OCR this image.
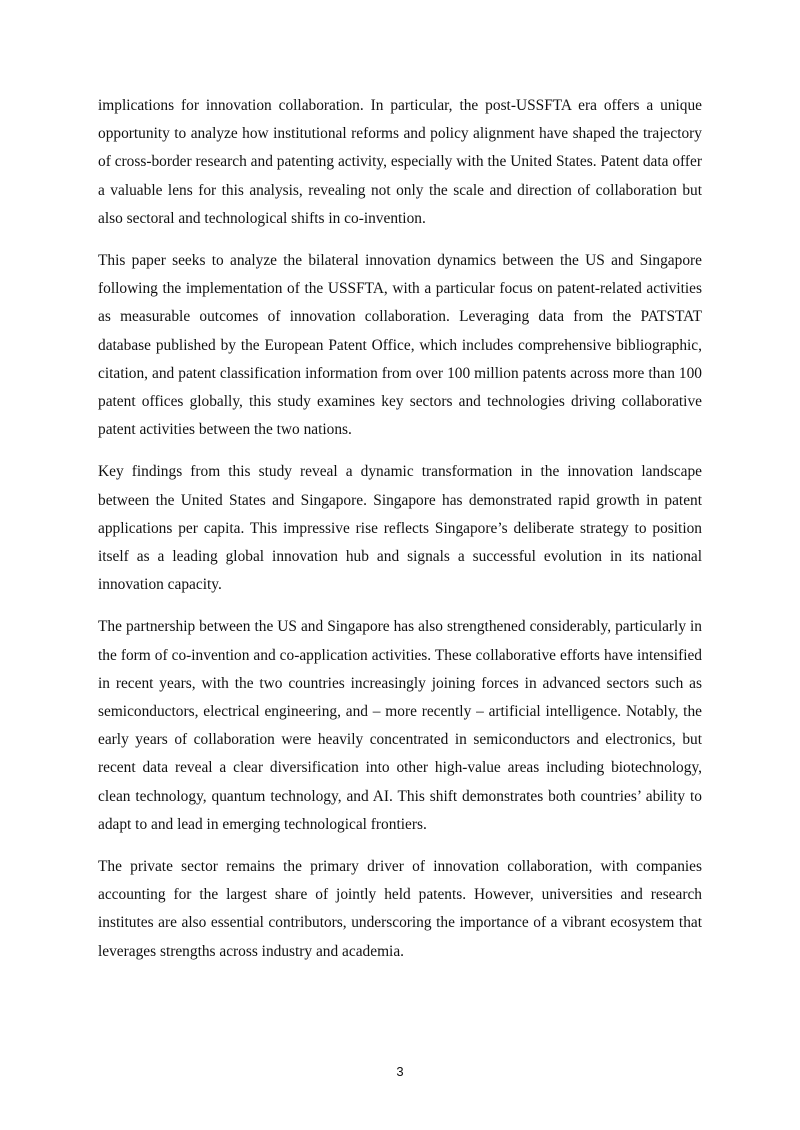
implications for innovation collaboration. In particular, the post-USSFTA era offers a unique opportunity to analyze how institutional reforms and policy alignment have shaped the trajectory of cross-border research and patenting activity, especially with the United States. Patent data offer a valuable lens for this analysis, revealing not only the scale and direction of collaboration but also sectoral and technological shifts in co-invention.

This paper seeks to analyze the bilateral innovation dynamics between the US and Singapore following the implementation of the USSFTA, with a particular focus on patent-related activities as measurable outcomes of innovation collaboration. Leveraging data from the PATSTAT database published by the European Patent Office, which includes comprehensive bibliographic, citation, and patent classification information from over 100 million patents across more than 100 patent offices globally, this study examines key sectors and technologies driving collaborative patent activities between the two nations.

Key findings from this study reveal a dynamic transformation in the innovation landscape between the United States and Singapore. Singapore has demonstrated rapid growth in patent applications per capita. This impressive rise reflects Singapore’s deliberate strategy to position itself as a leading global innovation hub and signals a successful evolution in its national innovation capacity.

The partnership between the US and Singapore has also strengthened considerably, particularly in the form of co-invention and co-application activities. These collaborative efforts have intensified in recent years, with the two countries increasingly joining forces in advanced sectors such as semiconductors, electrical engineering, and – more recently – artificial intelligence. Notably, the early years of collaboration were heavily concentrated in semiconductors and electronics, but recent data reveal a clear diversification into other high-value areas including biotechnology, clean technology, quantum technology, and AI. This shift demonstrates both countries’ ability to adapt to and lead in emerging technological frontiers.

The private sector remains the primary driver of innovation collaboration, with companies accounting for the largest share of jointly held patents. However, universities and research institutes are also essential contributors, underscoring the importance of a vibrant ecosystem that leverages strengths across industry and academia.

3
